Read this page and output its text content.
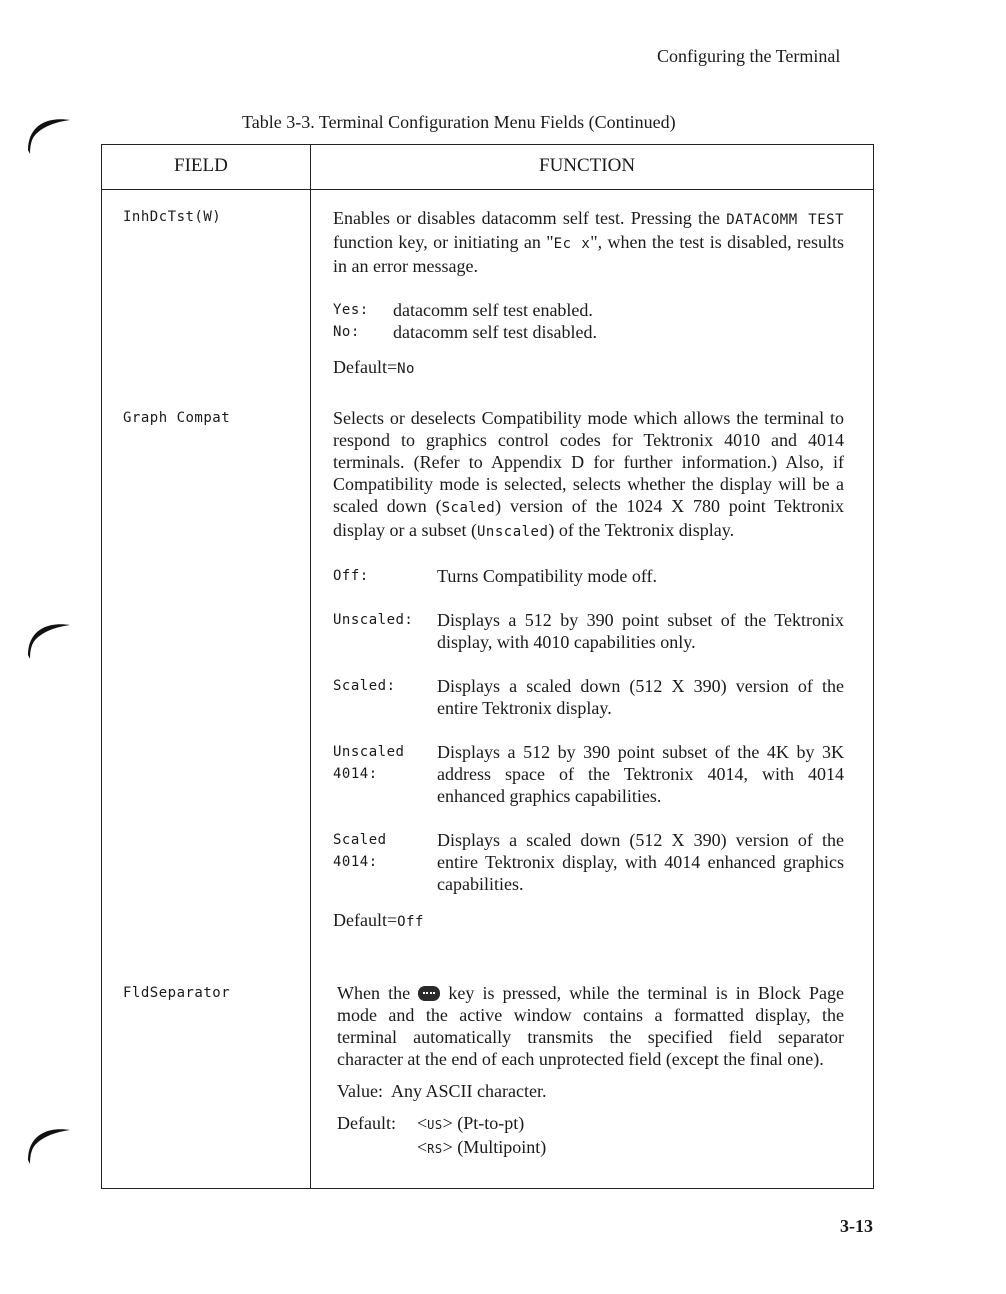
Configuring the Terminal
Table 3-3. Terminal Configuration Menu Fields (Continued)
FIELD	FUNCTION
InhDcTst(W)	Enables or disables datacomm self test. Pressing the DATACOMM TEST function key, or initiating an "Ec x", when the test is disabled, results in an error message.

Yes: datacomm self test enabled.
No: datacomm self test disabled.
Default=No
Graph Compat	Selects or deselects Compatibility mode which allows the terminal to respond to graphics control codes for Tektronix 4010 and 4014 terminals. (Refer to Appendix D for further information.) Also, if Compatibility mode is selected, selects whether the display will be a scaled down (Scaled) version of the 1024 X 780 point Tektronix display or a subset (Unscaled) of the Tektronix display.

Off:	Turns Compatibility mode off.
Unscaled: Displays a 512 by 390 point subset of the Tektronix display, with 4010 capabilities only.
Scaled: Displays a scaled down (512 X 390) version of the entire Tektronix display.
Unscaled 4014:
Displays a 512 by 390 point subset of the 4K by 3K address space of the Tektronix 4014, with 4014 enhanced graphics capabilities.
Scaled 4014:
Displays a scaled down (512 X 390) version of the entire Tektronix display, with 4014 enhanced graphics capabilities.
Default=Off
FldSeparator	When the key is pressed, while the terminal is in Block Page mode and the active window contains a formatted display, the terminal automatically transmits the specified field separator character at the end of each unprotected field (except the final one).

Value:  Any ASCII character.
Default:	<US> (Pt-to-pt)
<RS> (Multipoint)
3-13
